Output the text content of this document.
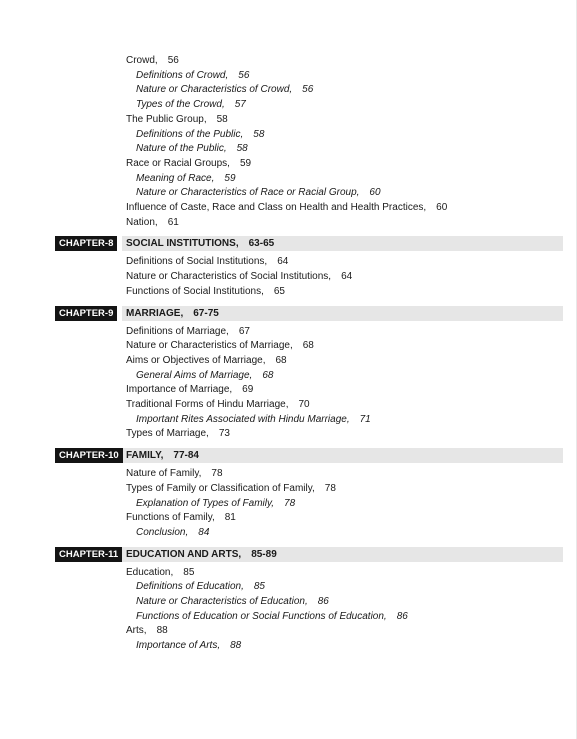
Crowd, 56
Definitions of Crowd, 56
Nature or Characteristics of Crowd, 56
Types of the Crowd, 57
The Public Group, 58
Definitions of the Public, 58
Nature of the Public, 58
Race or Racial Groups, 59
Meaning of Race, 59
Nature or Characteristics of Race or Racial Group, 60
Influence of Caste, Race and Class on Health and Health Practices, 60
Nation, 61
CHAPTER-8	SOCIAL INSTITUTIONS, 63-65
Definitions of Social Institutions, 64
Nature or Characteristics of Social Institutions, 64
Functions of Social Institutions, 65
CHAPTER-9	MARRIAGE, 67-75
Definitions of Marriage, 67
Nature or Characteristics of Marriage, 68
Aims or Objectives of Marriage, 68
General Aims of Marriage, 68
Importance of Marriage, 69
Traditional Forms of Hindu Marriage, 70
Important Rites Associated with Hindu Marriage, 71
Types of Marriage, 73
CHAPTER-10 FAMILY, 77-84
Nature of Family, 78
Types of Family or Classification of Family, 78
Explanation of Types of Family, 78
Functions of Family, 81
Conclusion, 84
CHAPTER-11 EDUCATION AND ARTS, 85-89
Education, 85
Definitions of Education, 85
Nature or Characteristics of Education, 86
Functions of Education or Social Functions of Education, 86
Arts, 88
Importance of Arts, 88
